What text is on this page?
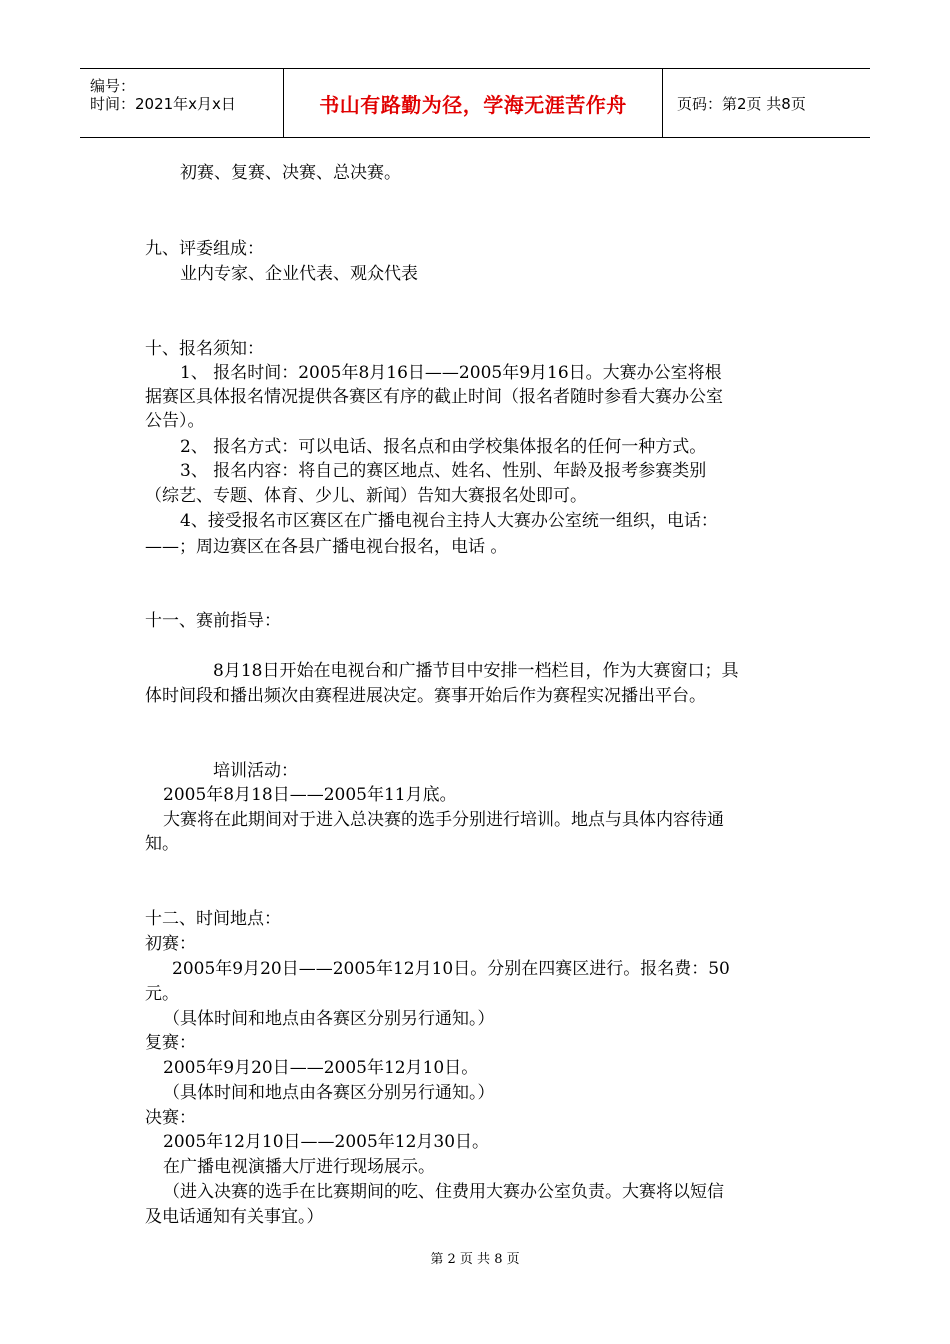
编号：
时间：2021年x月x日	书山有路勤为径，学海无涯苦作舟	页码：第2页 共8页
初赛、复赛、决赛、总决赛。
九、评委组成：
业内专家、企业代表、观众代表
十、报名须知：
1、 报名时间：2005年8月16日——2005年9月16日。大赛办公室将根
据赛区具体报名情况提供各赛区有序的截止时间（报名者随时参看大赛办公室
公告）。
2、 报名方式：可以电话、报名点和由学校集体报名的任何一种方式。
3、 报名内容：将自己的赛区地点、姓名、性别、年龄及报考参赛类别
（综艺、专题、体育、少儿、新闻）告知大赛报名处即可。
4、接受报名市区赛区在广播电视台主持人大赛办公室统一组织，电话：
——；周边赛区在各县广播电视台报名，电话 。
十一、赛前指导：
8月18日开始在电视台和广播节目中安排一档栏目，作为大赛窗口；具
体时间段和播出频次由赛程进展决定。赛事开始后作为赛程实况播出平台。
培训活动：
2005年8月18日——2005年11月底。
大赛将在此期间对于进入总决赛的选手分别进行培训。地点与具体内容待通
知。
十二、时间地点：
初赛：
2005年9月20日——2005年12月10日。分别在四赛区进行。报名费：50
元。
（具体时间和地点由各赛区分别另行通知。）
复赛：
2005年9月20日——2005年12月10日。
（具体时间和地点由各赛区分别另行通知。）
决赛：
2005年12月10日——2005年12月30日。
在广播电视演播大厅进行现场展示。
（进入决赛的选手在比赛期间的吃、住费用大赛办公室负责。大赛将以短信
及电话通知有关事宜。）
第 2 页 共 8 页
